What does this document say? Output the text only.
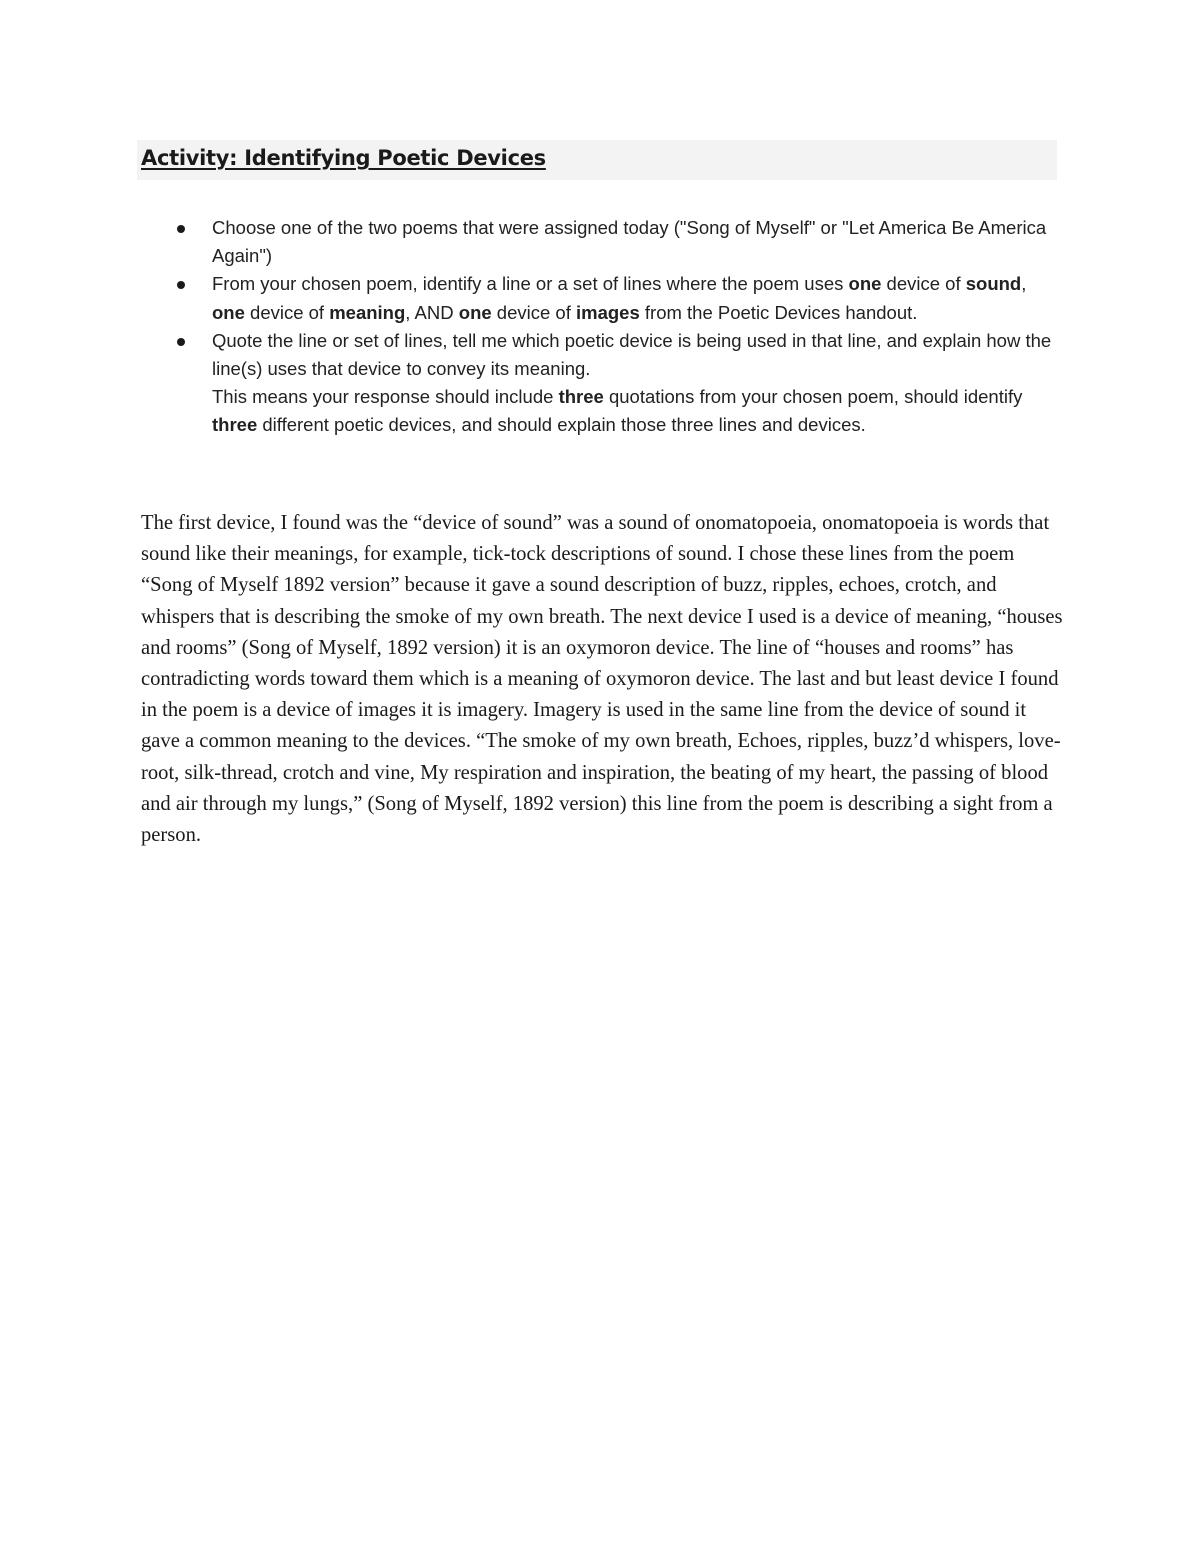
Activity: Identifying Poetic Devices
Choose one of the two poems that were assigned today ("Song of Myself" or "Let America Be America Again")
From your chosen poem, identify a line or a set of lines where the poem uses one device of sound, one device of meaning, AND one device of images from the Poetic Devices handout.
Quote the line or set of lines, tell me which poetic device is being used in that line, and explain how the line(s) uses that device to convey its meaning.
This means your response should include three quotations from your chosen poem, should identify three different poetic devices, and should explain those three lines and devices.

The first device, I found was the “device of sound” was a sound of onomatopoeia, onomatopoeia is words that sound like their meanings, for example, tick-tock descriptions of sound. I chose these lines from the poem “Song of Myself 1892 version” because it gave a sound description of buzz, ripples, echoes, crotch, and whispers that is describing the smoke of my own breath. The next device I used is a device of meaning, “houses and rooms” (Song of Myself, 1892 version) it is an oxymoron device. The line of “houses and rooms” has contradicting words toward them which is a meaning of oxymoron device. The last and but least device I found in the poem is a device of images it is imagery. Imagery is used in the same line from the device of sound it gave a common meaning to the devices. “The smoke of my own breath, Echoes, ripples, buzz’d whispers, love-root, silk-thread, crotch and vine, My respiration and inspiration, the beating of my heart, the passing of blood and air through my lungs,” (Song of Myself, 1892 version) this line from the poem is describing a sight from a person.
